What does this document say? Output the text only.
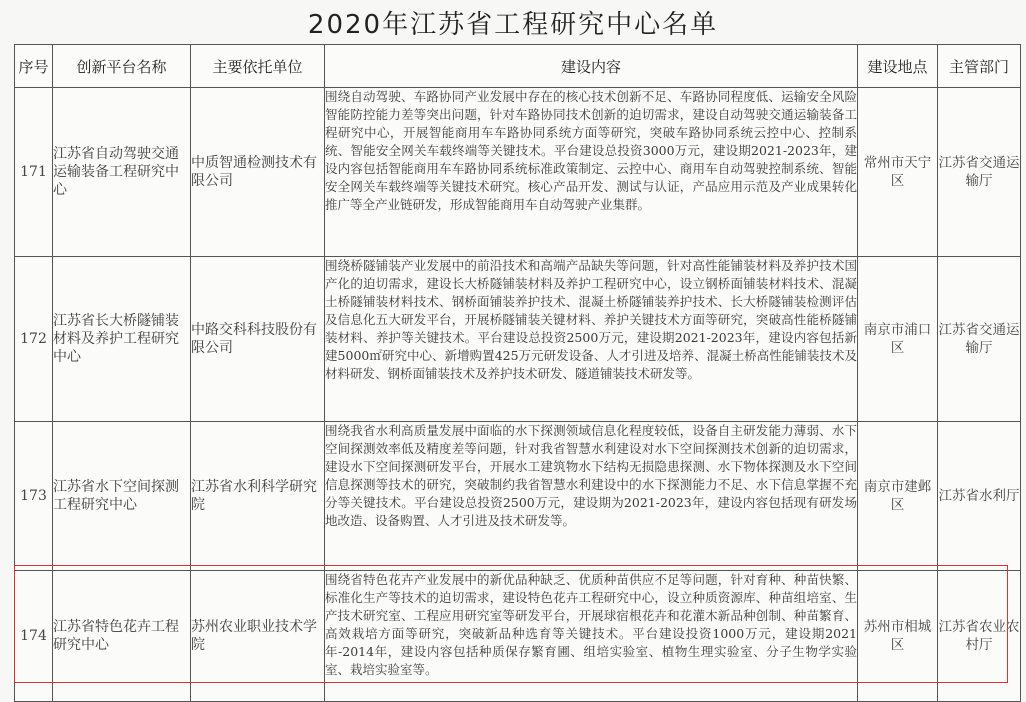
2020年江苏省工程研究中心名单
序号	创新平台名称	主要依托单位	建设内容	建设地点	主管部门
171	江苏省自动驾驶交通运输装备工程研究中心	中质智通检测技术有限公司	围绕自动驾驶、车路协同产业发展中存在的核心技术创新不足、车路协同程度低、运输安全风险智能防控能力差等突出问题，针对车路协同技术创新的迫切需求，建设自动驾驶交通运输装备工程研究中心，开展智能商用车车路协同系统方面等研究，突破车路协同系统云控中心、控制系统、智能安全网关车载终端等关键技术。平台建设总投资3000万元，建设期2021-2023年，建设内容包括智能商用车车路协同系统标准政策制定、云控中心、商用车自动驾驶控制系统、智能安全网关车载终端等关键技术研究。核心产品开发、测试与认证，产品应用示范及产业成果转化推广等全产业链研发，形成智能商用车自动驾驶产业集群。	常州市天宁区	江苏省交通运输厅
172	江苏省长大桥隧铺装材料及养护工程研究中心	中路交科科技股份有限公司	围绕桥隧铺装产业发展中的前沿技术和高端产品缺失等问题，针对高性能铺装材料及养护技术国产化的迫切需求，建设长大桥隧铺装材料及养护工程研究中心，设立钢桥面铺装材料技术、混凝土桥隧铺装材料技术、钢桥面铺装养护技术、混凝土桥隧铺装养护技术、长大桥隧铺装检测评估及信息化五大研发平台，开展桥隧铺装关键材料、养护关键技术方面等研究，突破高性能桥隧铺装材料、养护等关键技术。平台建设总投资2500万元，建设期2021-2023年，建设内容包括新建5000㎡研究中心、新增购置425万元研发设备、人才引进及培养、混凝土桥高性能铺装技术及材料研发、钢桥面铺装技术及养护技术研发、隧道铺装技术研发等。	南京市浦口区	江苏省交通运输厅
173	江苏省水下空间探测工程研究中心	江苏省水利科学研究院	围绕我省水利高质量发展中面临的水下探测领域信息化程度较低，设备自主研发能力薄弱、水下空间探测效率低及精度差等问题，针对我省智慧水利建设对水下空间探测技术创新的迫切需求，建设水下空间探测研发平台，开展水工建筑物水下结构无损隐患探测、水下物体探测及水下空间信息探测等技术的研究，突破制约我省智慧水利建设中的水下探测能力不足、水下信息掌握不充分等关键技术。平台建设总投资2500万元，建设期为2021-2023年，建设内容包括现有研发场地改造、设备购置、人才引进及技术研发等。	南京市建邺区	江苏省水利厅
174	江苏省特色花卉工程研究中心	苏州农业职业技术学院	围绕省特色花卉产业发展中的新优品种缺乏、优质种苗供应不足等问题，针对育种、种苗快繁、标准化生产等技术的迫切需求，建设特色花卉工程研究中心，设立种质资源库、种苗组培室、生产技术研究室、工程应用研究室等研发平台，开展球宿根花卉和花灌木新品种创制、种苗繁育、高效栽培方面等研究，突破新品种选育等关键技术。平台建设投资1000万元，建设期2021年-2014年，建设内容包括种质保存繁育圃、组培实验室、植物生理实验室、分子生物学实验室、栽培实验室等。	苏州市相城区	江苏省农业农村厅
